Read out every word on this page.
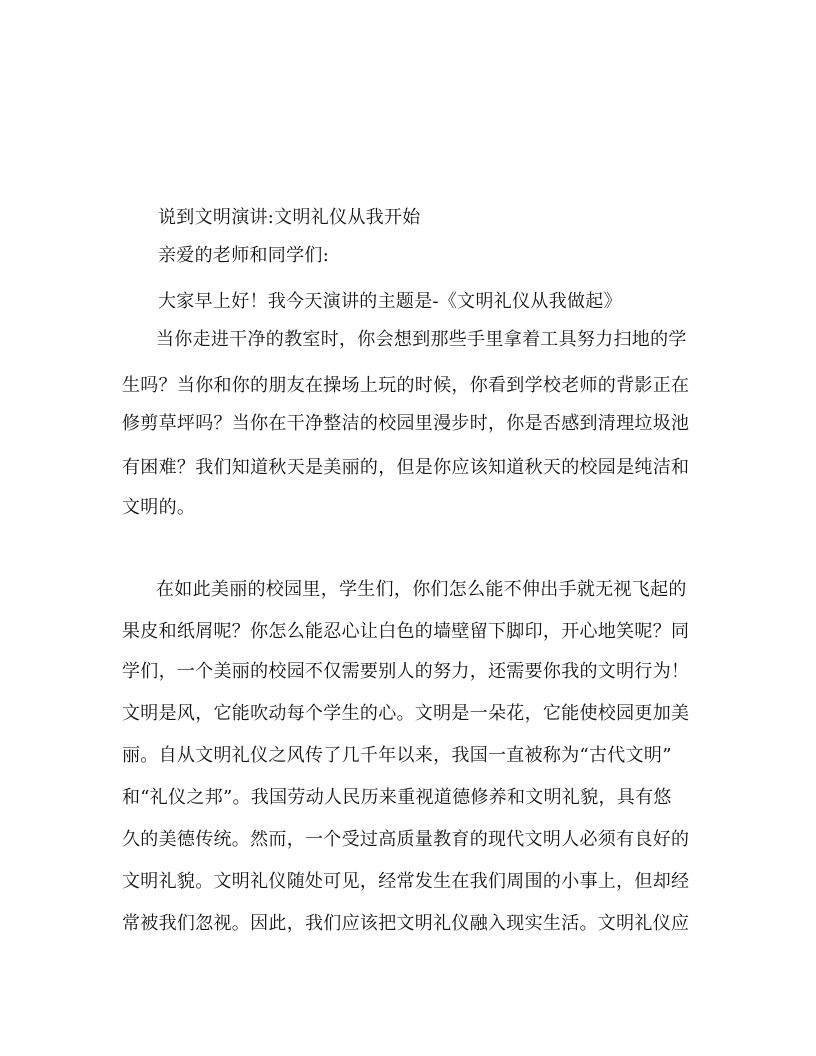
说到文明演讲:文明礼仪从我开始
亲爱的老师和同学们:
大家早上好！我今天演讲的主题是-《文明礼仪从我做起》
当你走进干净的教室时，你会想到那些手里拿着工具努力扫地的学
生吗？当你和你的朋友在操场上玩的时候，你看到学校老师的背影正在
修剪草坪吗？当你在干净整洁的校园里漫步时，你是否感到清理垃圾池
有困难？我们知道秋天是美丽的，但是你应该知道秋天的校园是纯洁和
文明的。
在如此美丽的校园里，学生们，你们怎么能不伸出手就无视飞起的
果皮和纸屑呢？你怎么能忍心让白色的墙壁留下脚印，开心地笑呢？同
学们，一个美丽的校园不仅需要别人的努力，还需要你我的文明行为！
文明是风，它能吹动每个学生的心。文明是一朵花，它能使校园更加美
丽。自从文明礼仪之风传了几千年以来，我国一直被称为“古代文明”
和“礼仪之邦”。我国劳动人民历来重视道德修养和文明礼貌，具有悠
久的美德传统。然而，一个受过高质量教育的现代文明人必须有良好的
文明礼貌。文明礼仪随处可见，经常发生在我们周围的小事上，但却经
常被我们忽视。因此，我们应该把文明礼仪融入现实生活。文明礼仪应
